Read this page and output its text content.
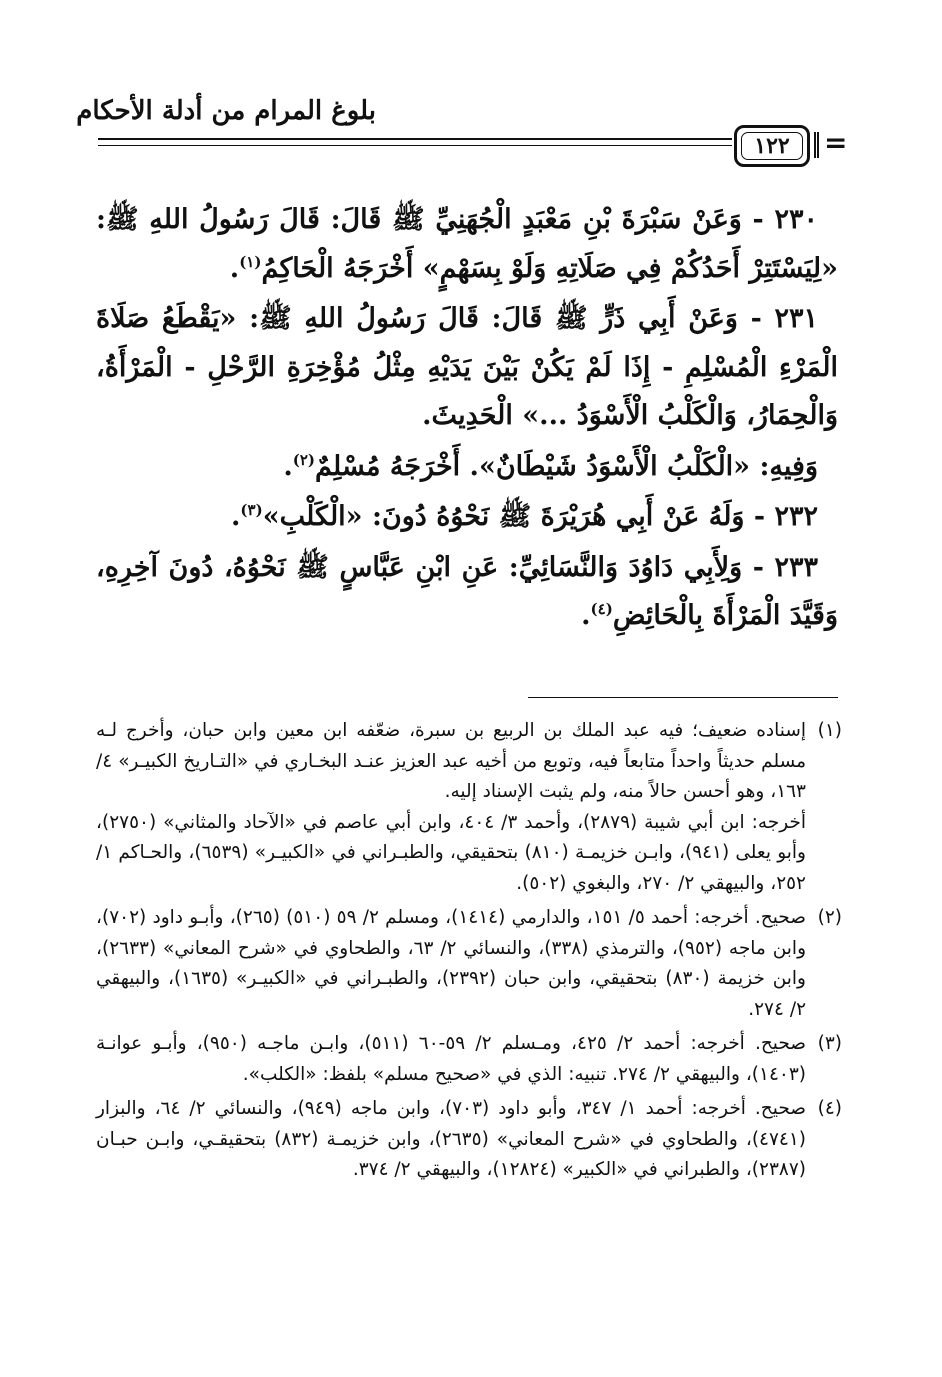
بلوغ المرام من أدلة الأحكام
١٢٢ =

٢٣٠ - وَعَنْ سَبْرَةَ بْنِ مَعْبَدٍ الْجُهَنِيِّ ﷺ قَالَ: قَالَ رَسُولُ اللهِ ﷺ: «لِيَسْتَتِرْ أَحَدُكُمْ فِي صَلَاتِهِ وَلَوْ بِسَهْمٍ» أَخْرَجَهُ الْحَاكِمُ$^{(١)}$.

٢٣١ - وَعَنْ أَبِي ذَرٍّ ﷺ قَالَ: قَالَ رَسُولُ اللهِ ﷺ: «يَقْطَعُ صَلَاةَ الْمَرْءِ الْمُسْلِمِ - إِذَا لَمْ يَكُنْ بَيْنَ يَدَيْهِ مِثْلُ مُؤْخِرَةِ الرَّحْلِ - الْمَرْأَةُ، وَالْحِمَارُ، وَالْكَلْبُ الْأَسْوَدُ ...» الْحَدِيثَ.

وَفِيهِ: «الْكَلْبُ الْأَسْوَدُ شَيْطَانٌ». أَخْرَجَهُ مُسْلِمٌ$^{(٢)}$.

٢٣٢ - وَلَهُ عَنْ أَبِي هُرَيْرَةَ ﷺ نَحْوُهُ دُونَ: «الْكَلْبِ»$^{(٣)}$.

٢٣٣ - وَلِأَبِي دَاوُدَ وَالنَّسَائِيِّ: عَنِ ابْنِ عَبَّاسٍ ﷺ نَحْوُهُ، دُونَ آخِرِهِ، وَقَيَّدَ الْمَرْأَةَ بِالْحَائِضِ$^{(٤)}$.

(١)

إسناده ضعيف؛ فيه عبد الملك بن الربيع بن سبرة، ضعّفه ابن معين وابن حبان، وأخرج لـه مسلم حديثاً واحداً متابعاً فيه، وتوبع من أخيه عبد العزيز عنـد البخـاري في «التـاريخ الكبيـر» ٤/ ١٦٣، وهو أحسن حالاً منه، ولم يثبت الإسناد إليه.

أخرجه: ابن أبي شيبة (٢٨٧٩)، وأحمد ٣/ ٤٠٤، وابن أبي عاصم في «الآحاد والمثاني» (٢٧٥٠)، وأبو يعلى (٩٤١)، وابـن خزيمـة (٨١٠) بتحقيقي، والطبـراني في «الكبيـر» (٦٥٣٩)، والحـاكم ١/ ٢٥٢، والبيهقي ٢/ ٢٧٠، والبغوي (٥٠٢).

(٢)

صحيح. أخرجه: أحمد ٥/ ١٥١، والدارمي (١٤١٤)، ومسلم ٢/ ٥٩ (٥١٠) (٢٦٥)، وأبـو داود (٧٠٢)، وابن ماجه (٩٥٢)، والترمذي (٣٣٨)، والنسائي ٢/ ٦٣، والطحاوي في «شرح المعاني» (٢٦٣٣)، وابن خزيمة (٨٣٠) بتحقيقي، وابن حبان (٢٣٩٢)، والطبـراني في «الكبيـر» (١٦٣٥)، والبيهقي ٢/ ٢٧٤.

(٣)

صحيح. أخرجه: أحمد ٢/ ٤٢٥، ومـسلم ٢/ ٥٩-٦٠ (٥١١)، وابـن ماجـه (٩٥٠)، وأبـو عوانـة (١٤٠٣)، والبيهقي ٢/ ٢٧٤. تنبيه: الذي في «صحيح مسلم» بلفظ: «الكلب».

(٤)

صحيح. أخرجه: أحمد ١/ ٣٤٧، وأبو داود (٧٠٣)، وابن ماجه (٩٤٩)، والنسائي ٢/ ٦٤، والبزار (٤٧٤١)، والطحاوي في «شرح المعاني» (٢٦٣٥)، وابن خزيمـة (٨٣٢) بتحقيقـي، وابـن حبـان (٢٣٨٧)، والطبراني في «الكبير» (١٢٨٢٤)، والبيهقي ٢/ ٣٧٤.
